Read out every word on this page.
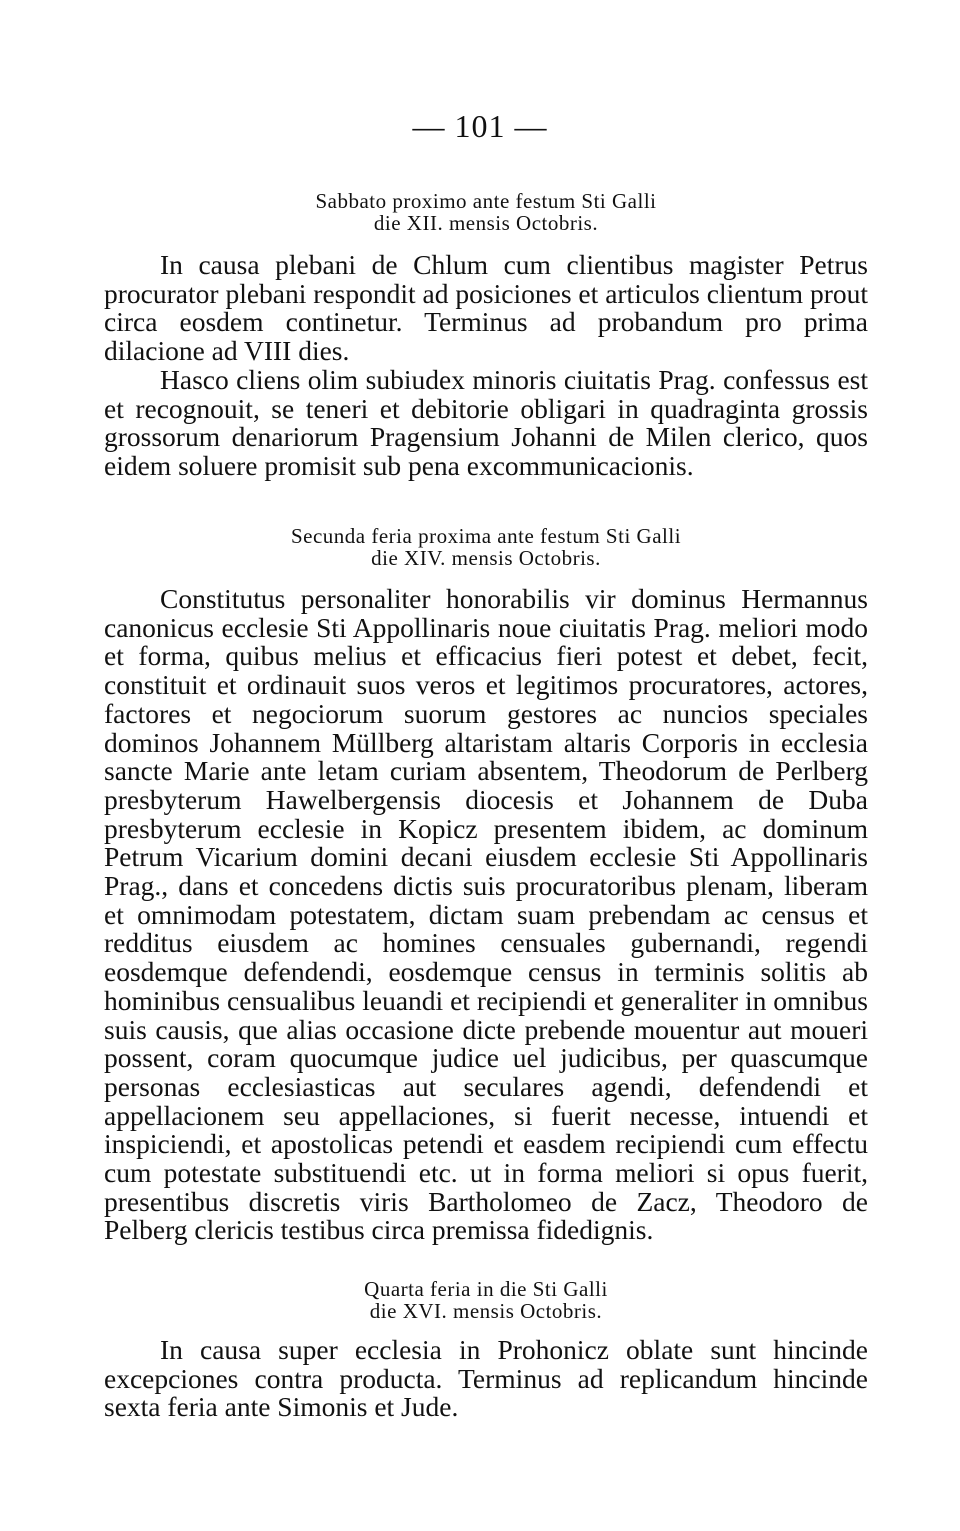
— 101 —
Sabbato proximo ante festum Sti Galli
die XII. mensis Octobris.

In causa plebani de Chlum cum clientibus magister Petrus procurator plebani respondit ad posiciones et articulos clientum prout circa eosdem continetur. Terminus ad probandum pro prima dilacione ad VIII dies.

Hasco cliens olim subiudex minoris ciuitatis Prag. confessus est et recognouit, se teneri et debitorie obligari in quadraginta grossis grossorum denariorum Pragensium Johanni de Milen clerico, quos eidem soluere promisit sub pena excommunicacionis.

Secunda feria proxima ante festum Sti Galli
die XIV. mensis Octobris.

Constitutus personaliter honorabilis vir dominus Hermannus canonicus ecclesie Sti Appollinaris noue ciuitatis Prag. meliori modo et forma, quibus melius et efficacius fieri potest et debet, fecit, constituit et ordinauit suos veros et legitimos procuratores, actores, factores et negociorum suorum gestores ac nuncios speciales dominos Johannem Müllberg altaristam altaris Corporis in ecclesia sancte Marie ante letam curiam absentem, Theodorum de Perlberg presbyterum Hawelbergensis diocesis et Johannem de Duba presbyterum ecclesie in Kopicz presentem ibidem, ac dominum Petrum Vicarium domini decani eiusdem ecclesie Sti Appollinaris Prag., dans et concedens dictis suis procuratoribus plenam, liberam et omnimodam potestatem, dictam suam prebendam ac census et redditus eiusdem ac homines censuales gubernandi, regendi eosdemque defendendi, eosdemque census in terminis solitis ab hominibus censualibus leuandi et recipiendi et generaliter in omnibus suis causis, que alias occasione dicte prebende mouentur aut moueri possent, coram quocumque judice uel judicibus, per quascumque personas ecclesiasticas aut seculares agendi, defendendi et appellacionem seu appellaciones, si fuerit necesse, intuendi et inspiciendi, et apostolicas petendi et easdem recipiendi cum effectu cum potestate substituendi etc. ut in forma meliori si opus fuerit, presentibus discretis viris Bartholomeo de Zacz, Theodoro de Pelberg clericis testibus circa premissa fidedignis.

Quarta feria in die Sti Galli
die XVI. mensis Octobris.

In causa super ecclesia in Prohonicz oblate sunt hincinde excepciones contra producta. Terminus ad replicandum hincinde sexta feria ante Simonis et Jude.
